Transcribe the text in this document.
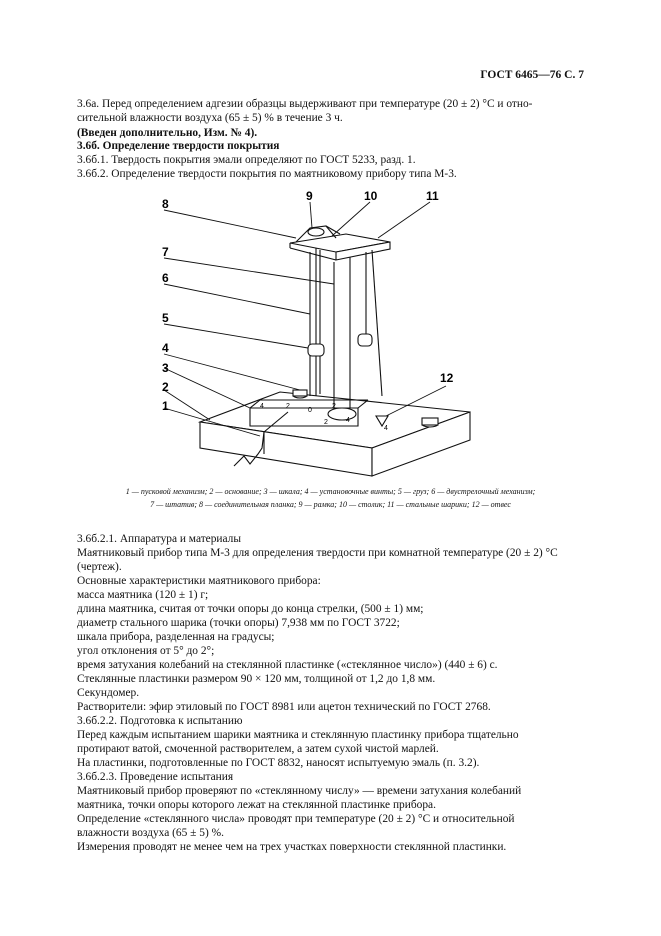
ГОСТ 6465—76 С. 7
3.6а. Перед определением адгезии образцы выдерживают при температуре (20 ± 2) °С и отно-
сительной влажности воздуха (65 ± 5) % в течение 3 ч.
(Введен дополнительно, Изм. № 4).
3.6б. Определение твердости покрытия
3.6б.1. Твердость покрытия эмали определяют по ГОСТ 5233, разд. 1.
3.6б.2. Определение твердости покрытия по маятниковому прибору типа М-3.
8
9	10	11
7
6
5
4
3
2
1
12
4	2
0
2
4
2
4
1 — пусковой механизм; 2 — основание; 3 — шкала; 4 — установочные винты; 5 — груз; 6 — двустрелочный механизм;
7 — штатив; 8 — соединительная планка; 9 — рамка; 10 — столик; 11 — стальные шарики; 12 — отвес
3.6б.2.1. Аппаратура и материалы
Маятниковый прибор типа М-3 для определения твердости при комнатной температуре (20 ± 2) °С
(чертеж).
Основные характеристики маятникового прибора:
масса маятника (120 ± 1) г;
длина маятника, считая от точки опоры до конца стрелки, (500 ± 1) мм;
диаметр стального шарика (точки опоры) 7,938 мм по ГОСТ 3722;
шкала прибора, разделенная на градусы;
угол отклонения от 5° до 2°;
время затухания колебаний на стеклянной пластинке («стеклянное число») (440 ± 6) с.
Стеклянные пластинки размером 90 × 120 мм, толщиной от 1,2 до 1,8 мм.
Секундомер.
Растворители: эфир этиловый по ГОСТ 8981 или ацетон технический по ГОСТ 2768.
3.6б.2.2. Подготовка к испытанию
Перед каждым испытанием шарики маятника и стеклянную пластинку прибора тщательно
протирают ватой, смоченной растворителем, а затем сухой чистой марлей.
На пластинки, подготовленные по ГОСТ 8832, наносят испытуемую эмаль (п. 3.2).
3.6б.2.3. Проведение испытания
Маятниковый прибор проверяют по «стеклянному числу» — времени затухания колебаний
маятника, точки опоры которого лежат на стеклянной пластинке прибора.
Определение «стеклянного числа» проводят при температуре (20 ± 2) °С и относительной
влажности воздуха (65 ± 5) %.
Измерения проводят не менее чем на трех участках поверхности стеклянной пластинки.
